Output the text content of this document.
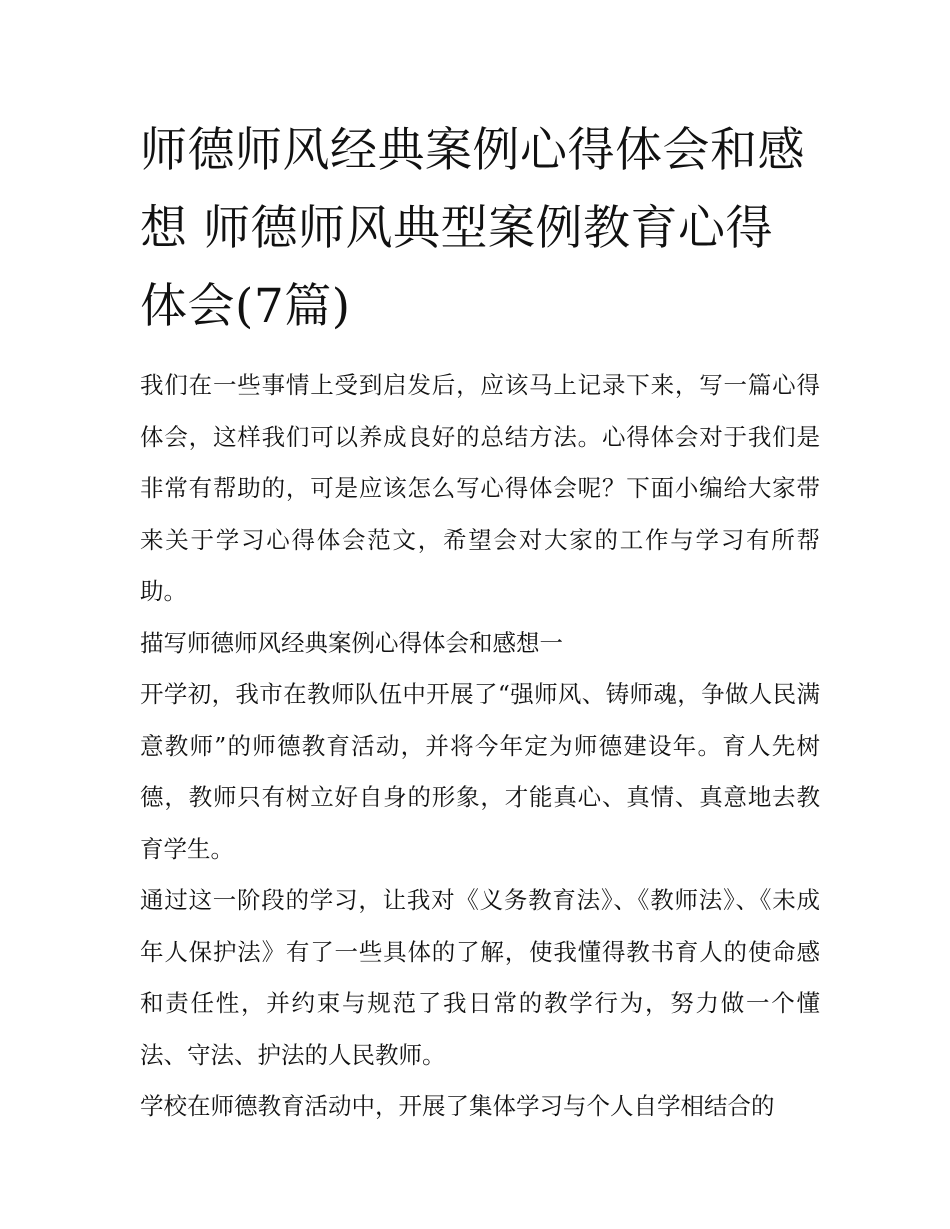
师德师风经典案例心得体会和感想 师德师风典型案例教育心得体会(7篇)

我们在一些事情上受到启发后，应该马上记录下来，写一篇心得体会，这样我们可以养成良好的总结方法。心得体会对于我们是非常有帮助的，可是应该怎么写心得体会呢？下面小编给大家带来关于学习心得体会范文，希望会对大家的工作与学习有所帮助。

描写师德师风经典案例心得体会和感想一

开学初，我市在教师队伍中开展了“强师风、铸师魂，争做人民满意教师”的师德教育活动，并将今年定为师德建设年。育人先树德，教师只有树立好自身的形象，才能真心、真情、真意地去教育学生。

通过这一阶段的学习，让我对《义务教育法》、《教师法》、《未成年人保护法》有了一些具体的了解，使我懂得教书育人的使命感和责任性，并约束与规范了我日常的教学行为，努力做一个懂法、守法、护法的人民教师。

学校在师德教育活动中，开展了集体学习与个人自学相结合的
